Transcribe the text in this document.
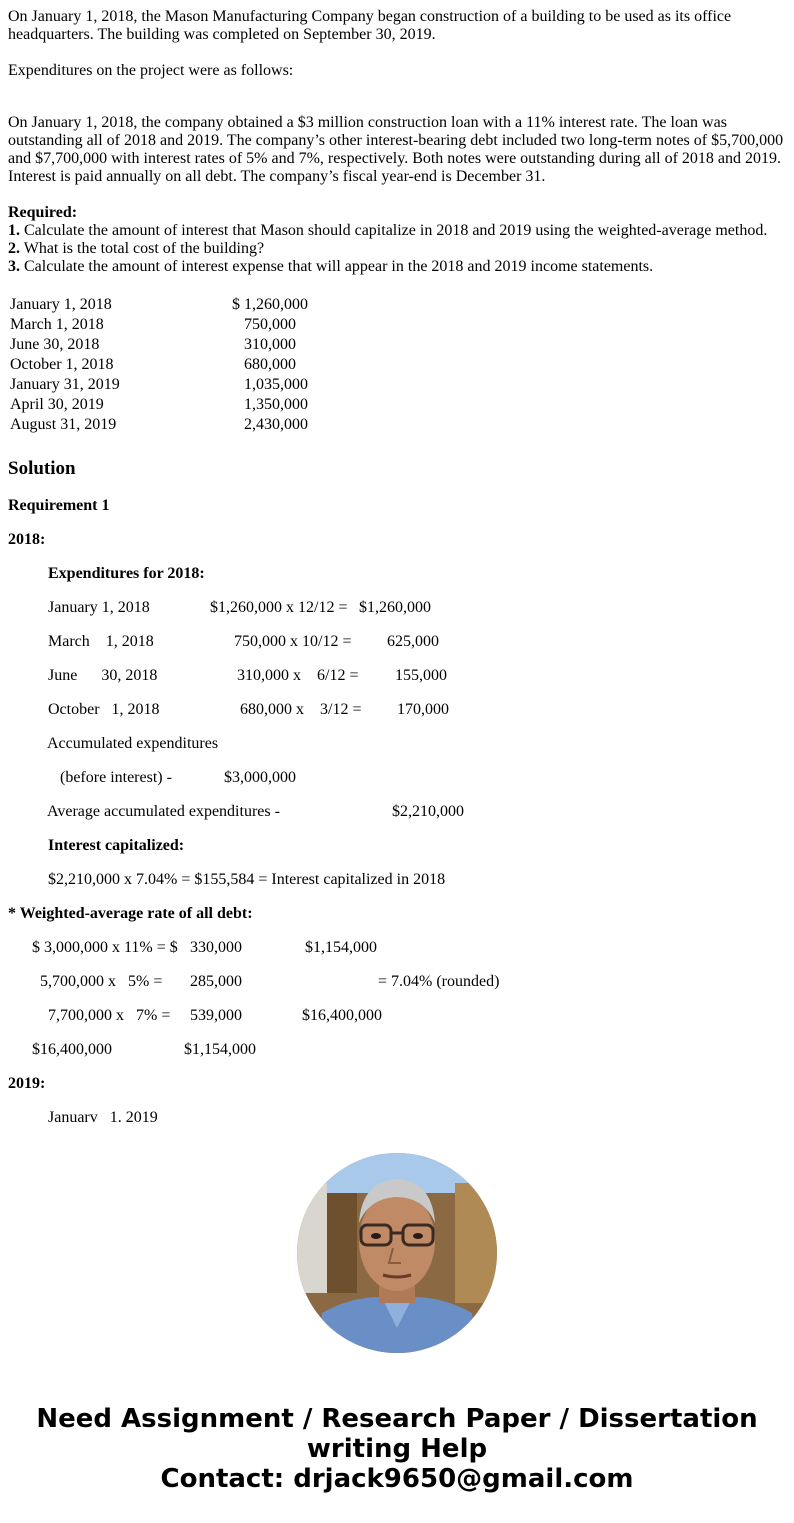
On January 1, 2018, the Mason Manufacturing Company began construction of a building to be used as its office headquarters. The building was completed on September 30, 2019.
Expenditures on the project were as follows:
On January 1, 2018, the company obtained a $3 million construction loan with a 11% interest rate. The loan was outstanding all of 2018 and 2019. The company’s other interest-bearing debt included two long-term notes of $5,700,000 and $7,700,000 with interest rates of 5% and 7%, respectively. Both notes were outstanding during all of 2018 and 2019. Interest is paid annually on all debt. The company’s fiscal year-end is December 31.
Required:
1. Calculate the amount of interest that Mason should capitalize in 2018 and 2019 using the weighted-average method.
2. What is the total cost of the building?
3. Calculate the amount of interest expense that will appear in the 2018 and 2019 income statements.
January 1, 2018	$ 1,260,000
March 1, 2018	750,000
June 30, 2018	310,000
October 1, 2018	680,000
January 31, 2019	1,035,000
April 30, 2019	1,350,000
August 31, 2019	2,430,000
Solution
Requirement 1
2018:
Expenditures for 2018:
January 1, 2018	$1,260,000 x 12/12 = $1,260,000
March    1, 2018	750,000 x 10/12 = 625,000
June      30, 2018	310,000 x    6/12 = 155,000
October   1, 2018	680,000 x    3/12 = 170,000
Accumulated expenditures
(before interest) -	$3,000,000
Average accumulated expenditures -	$2,210,000
Interest capitalized:
$2,210,000 x 7.04% = $155,584 = Interest capitalized in 2018
* Weighted-average rate of all debt:
$ 3,000,000 x 11% = $ 330,000	$1,154,000
5,700,000 x   5% = 285,000	= 7.04% (rounded)
7,700,000 x   7% = 539,000	$16,400,000
$16,400,000	$1,154,000
2019:
Januarv   1. 2019
Need Assignment / Research Paper / Dissertation
writing Help
Contact: drjack9650@gmail.com
